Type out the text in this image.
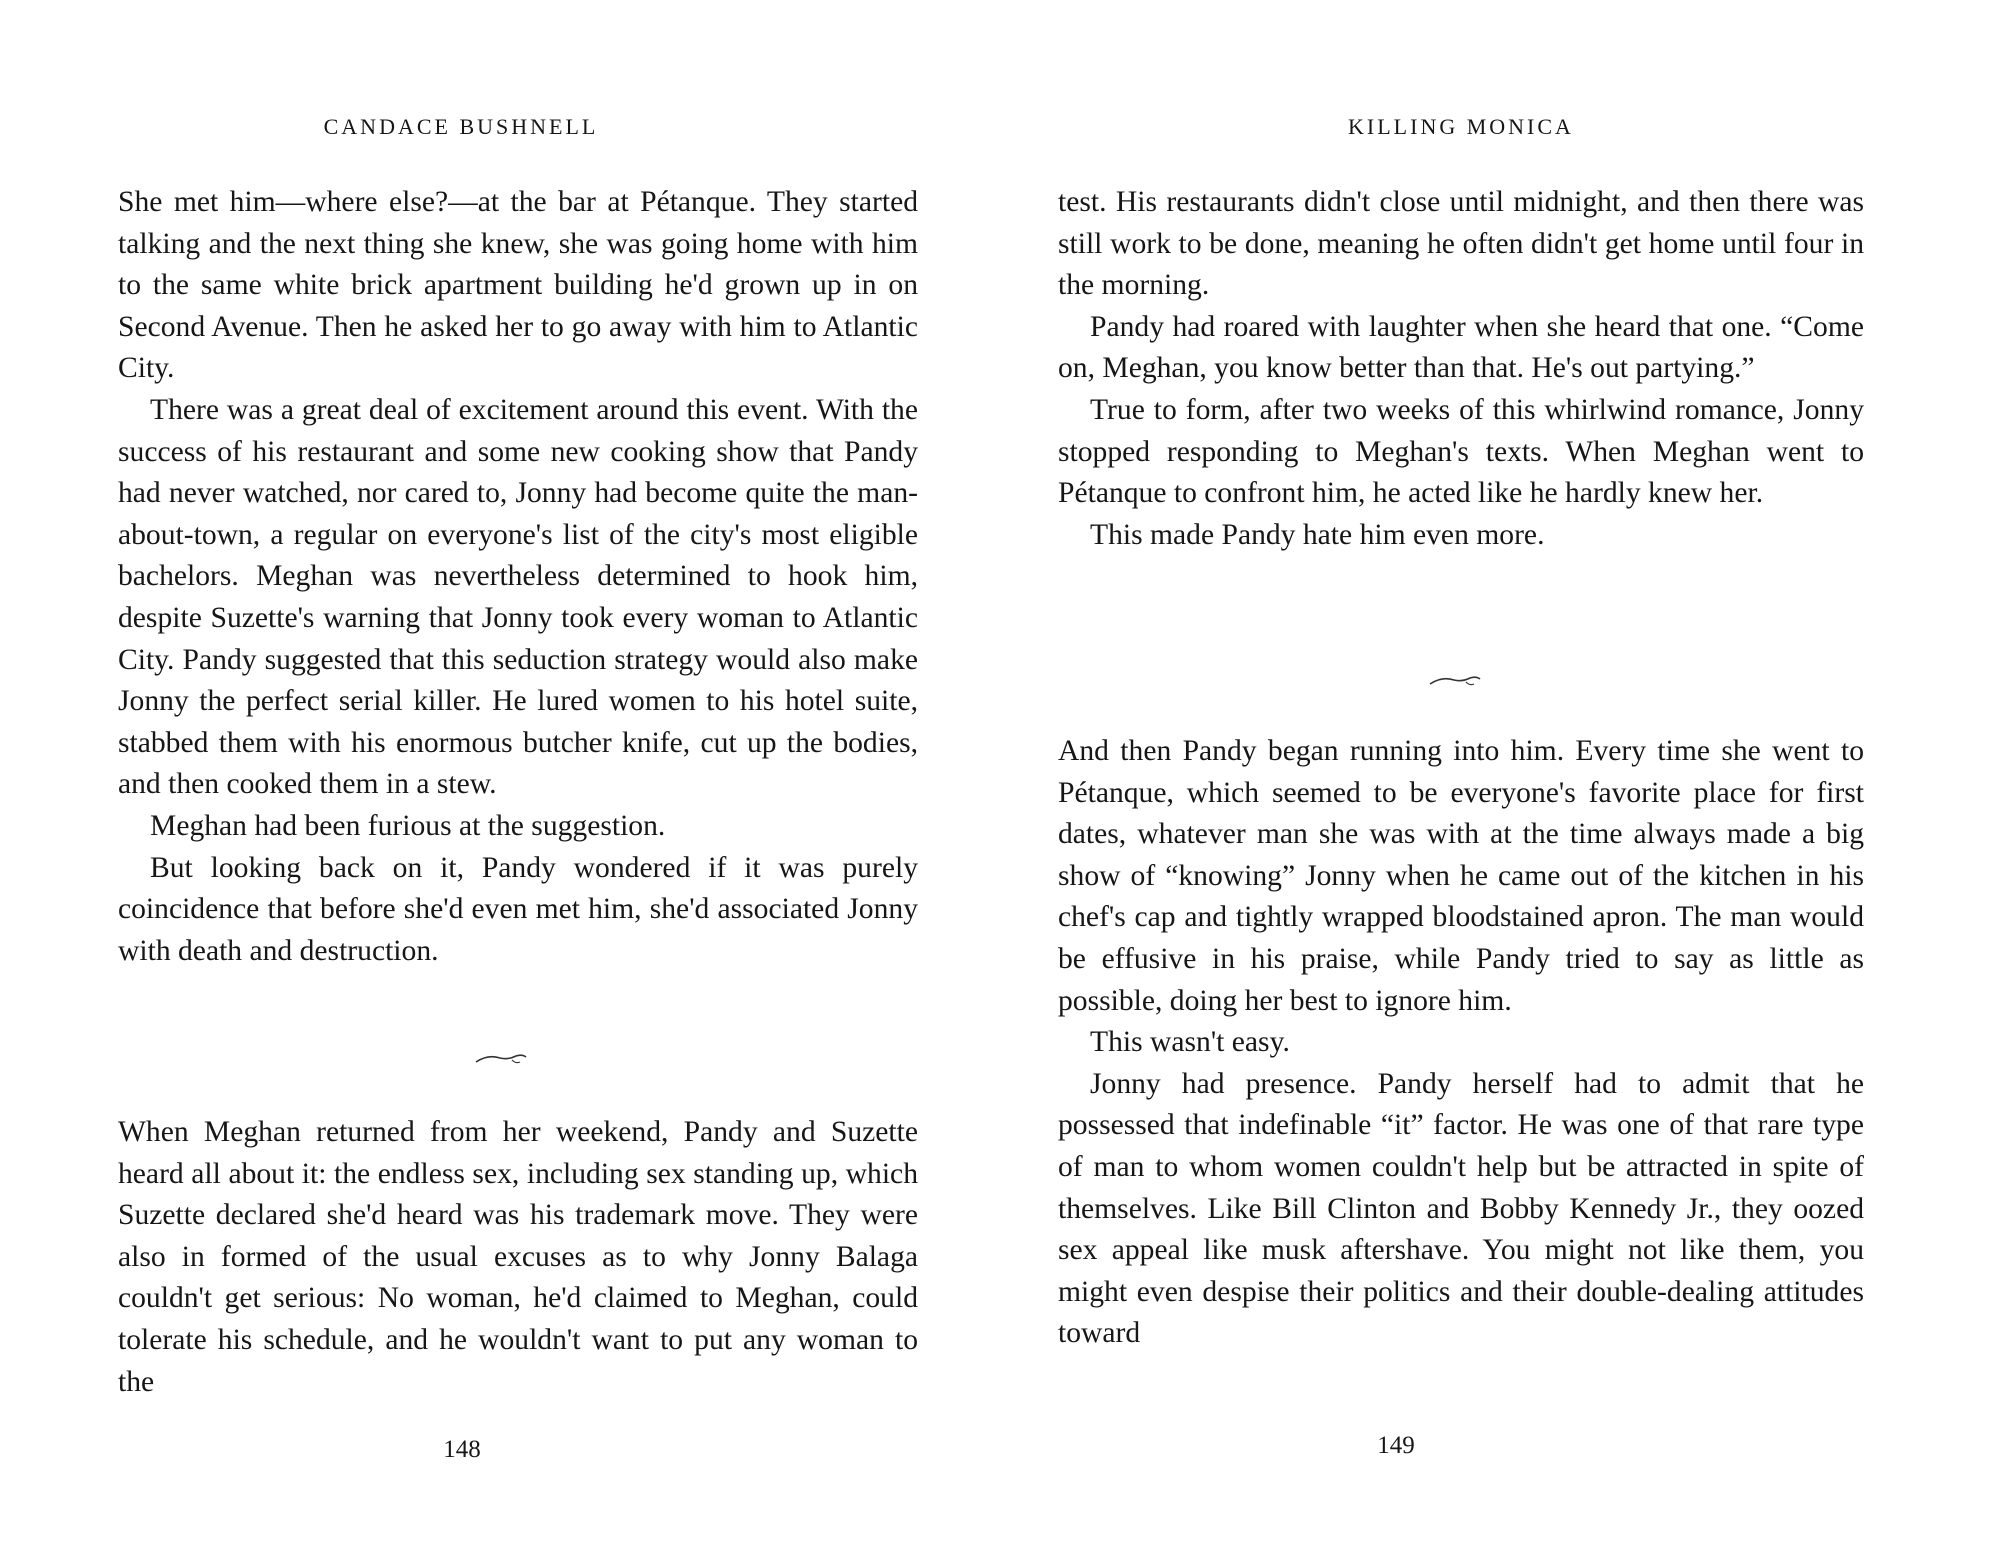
CANDACE BUSHNELL

She met him—where else?—at the bar at Pétanque. They started talking and the next thing she knew, she was going home with him to the same white brick apartment building he'd grown up in on Second Avenue. Then he asked her to go away with him to Atlantic City.

There was a great deal of excitement around this event. With the success of his restaurant and some new cooking show that Pandy had never watched, nor cared to, Jonny had become quite the man-about-town, a regular on everyone's list of the city's most eligible bachelors. Meghan was nevertheless determined to hook him, despite Suzette's warning that Jonny took every woman to Atlantic City. Pandy suggested that this seduction strategy would also make Jonny the perfect serial killer. He lured women to his hotel suite, stabbed them with his enormous butcher knife, cut up the bodies, and then cooked them in a stew.

Meghan had been furious at the suggestion.

But looking back on it, Pandy wondered if it was purely coincidence that before she'd even met him, she'd associated Jonny with death and destruction.

When Meghan returned from her weekend, Pandy and Suzette heard all about it: the endless sex, including sex standing up, which Suzette declared she'd heard was his trademark move. They were also in formed of the usual excuses as to why Jonny Balaga couldn't get serious: No woman, he'd claimed to Meghan, could tolerate his schedule, and he wouldn't want to put any woman to the

148
KILLING MONICA

test. His restaurants didn't close until midnight, and then there was still work to be done, meaning he often didn't get home until four in the morning.

Pandy had roared with laughter when she heard that one. “Come on, Meghan, you know better than that. He's out partying.”

True to form, after two weeks of this whirlwind romance, Jonny stopped responding to Meghan's texts. When Meghan went to Pétanque to confront him, he acted like he hardly knew her.

This made Pandy hate him even more.

And then Pandy began running into him. Every time she went to Pétanque, which seemed to be everyone's favorite place for first dates, whatever man she was with at the time always made a big show of “knowing” Jonny when he came out of the kitchen in his chef's cap and tightly wrapped bloodstained apron. The man would be effusive in his praise, while Pandy tried to say as little as possible, doing her best to ignore him.

This wasn't easy.

Jonny had presence. Pandy herself had to admit that he possessed that indefinable “it” factor. He was one of that rare type of man to whom women couldn't help but be attracted in spite of themselves. Like Bill Clinton and Bobby Kennedy Jr., they oozed sex appeal like musk aftershave. You might not like them, you might even despise their politics and their double-dealing attitudes toward

149
